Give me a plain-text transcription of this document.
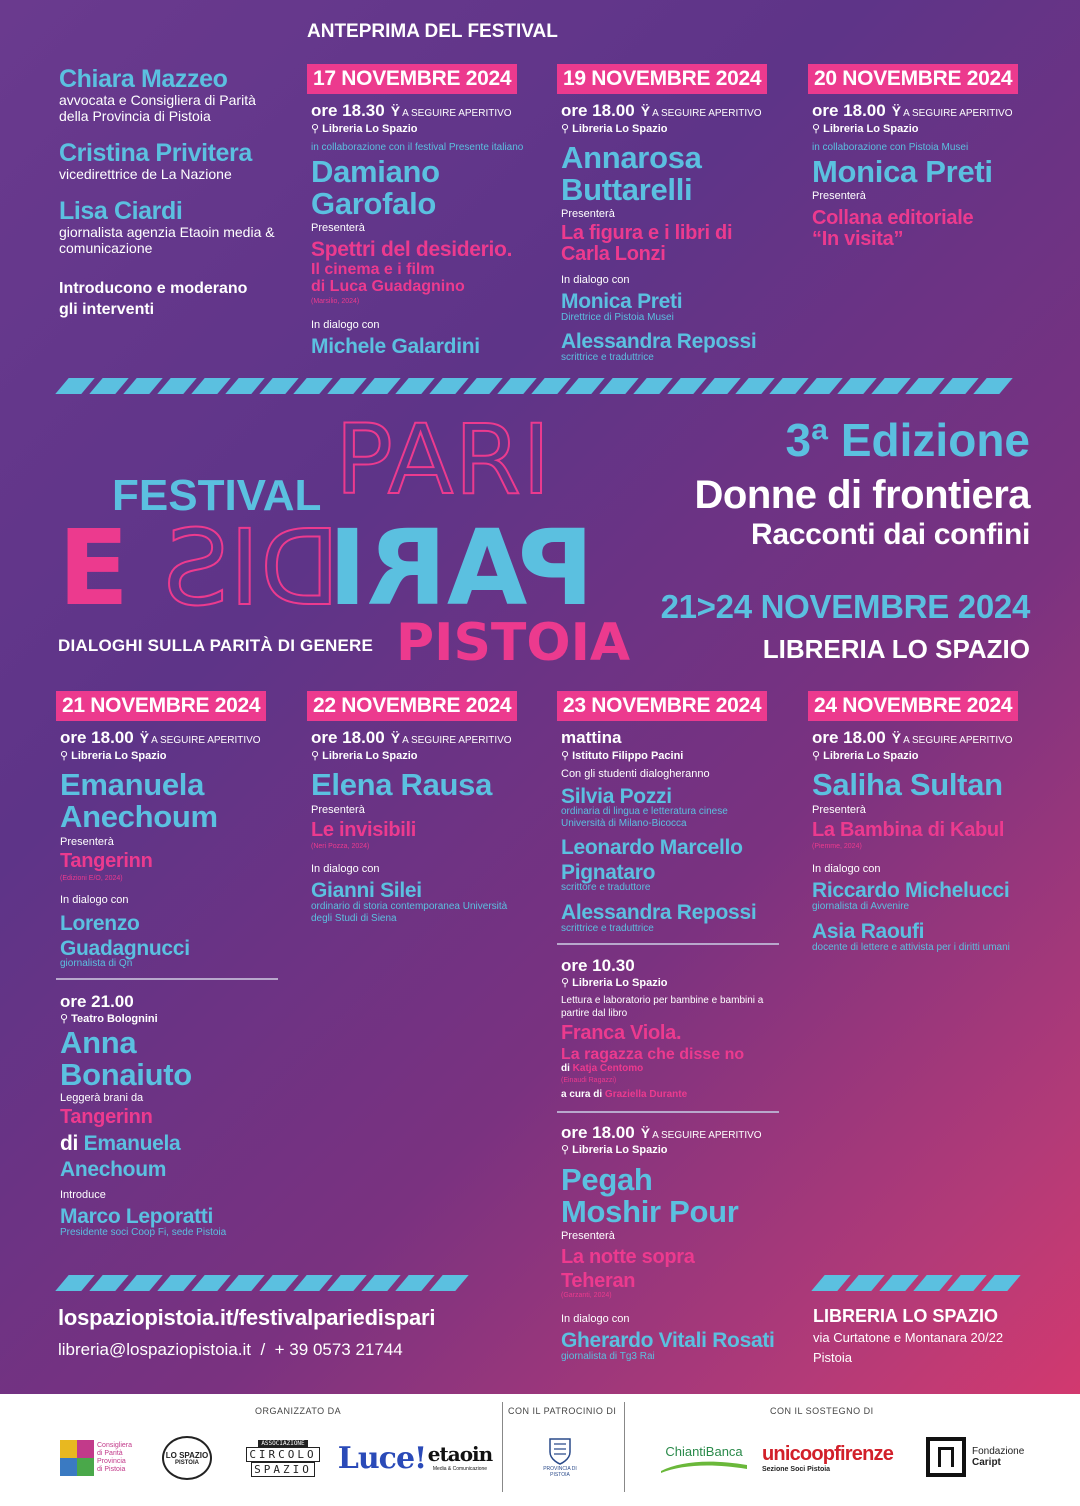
ANTEPRIMA DEL FESTIVAL
Chiara Mazzeo
avvocata e Consigliera di Parità
della Provincia di Pistoia
Cristina Privitera
vicedirettrice de La Nazione
Lisa Ciardi
giornalista agenzia Etaoin media &
comunicazione
Introducono e moderano
gli interventi
17 NOVEMBRE 2024
ore 18.30 Ÿ A SEGUIRE APERITIVO
⚲ Libreria Lo Spazio
in collaborazione con il festival Presente italiano
Damiano
Garofalo
Presenterà
Spettri del desiderio.
Il cinema e i film
di Luca Guadagnino
(Marsilio, 2024)
In dialogo con
Michele Galardini
19 NOVEMBRE 2024
ore 18.00 Ÿ A SEGUIRE APERITIVO
⚲ Libreria Lo Spazio
Annarosa
Buttarelli
Presenterà
La figura e i libri di
Carla Lonzi
In dialogo con
Monica Preti
Direttrice di Pistoia Musei
Alessandra Repossi
scrittrice e traduttrice
20 NOVEMBRE 2024
ore 18.00 Ÿ A SEGUIRE APERITIVO
⚲ Libreria Lo Spazio
in collaborazione con Pistoia Musei
Monica Preti
Presenterà
Collana editoriale
“In visita”
PARI
FESTIVAL
E DIS
PARI
PISTOIA
DIALOGHI SULLA PARITÀ DI GENERE
3ª Edizione
Donne di frontiera
Racconti dai confini
21>24 NOVEMBRE 2024
LIBRERIA LO SPAZIO
21 NOVEMBRE 2024
ore 18.00 Ÿ A SEGUIRE APERITIVO
⚲ Libreria Lo Spazio
Emanuela
Anechoum
Presenterà
Tangerinn
(Edizioni E/O, 2024)
In dialogo con
Lorenzo
Guadagnucci
giornalista di Qn
ore 21.00
⚲ Teatro Bolognini
Anna
Bonaiuto
Leggerà brani da
Tangerinn
di Emanuela
Anechoum
Introduce
Marco Leporatti
Presidente soci Coop Fi, sede Pistoia
22 NOVEMBRE 2024
ore 18.00 Ÿ A SEGUIRE APERITIVO
⚲ Libreria Lo Spazio
Elena Rausa
Presenterà
Le invisibili
(Neri Pozza, 2024)
In dialogo con
Gianni Silei
ordinario di storia contemporanea Università
degli Studi di Siena
23 NOVEMBRE 2024
mattina
⚲ Istituto Filippo Pacini
Con gli studenti dialogheranno
Silvia Pozzi
ordinaria di lingua e letteratura cinese
Università di Milano-Bicocca
Leonardo Marcello
Pignataro
scrittore e traduttore
Alessandra Repossi
scrittrice e traduttrice
ore 10.30
⚲ Libreria Lo Spazio
Lettura e laboratorio per bambine e bambini a
partire dal libro
Franca Viola.
La ragazza che disse no
di Katja Centomo
(Einaudi Ragazzi)
a cura di Graziella Durante
ore 18.00 Ÿ A SEGUIRE APERITIVO
⚲ Libreria Lo Spazio
Pegah
Moshir Pour
Presenterà
La notte sopra
Teheran
(Garzanti, 2024)
In dialogo con
Gherardo Vitali Rosati
giornalista di Tg3 Rai
24 NOVEMBRE 2024
ore 18.00 Ÿ A SEGUIRE APERITIVO
⚲ Libreria Lo Spazio
Saliha Sultan
Presenterà
La Bambina di Kabul
(Piemme, 2024)
In dialogo con
Riccardo Michelucci
giornalista di Avvenire
Asia Raoufi
docente di lettere e attivista per i diritti umani
lospaziopistoia.it/festivalpariedispari
libreria@lospaziopistoia.it / + 39 0573 21744
LIBRERIA LO SPAZIO
via Curtatone e Montanara 20/22
Pistoia
ORGANIZZATO DA	CON IL PATROCINIO DI	CON IL SOSTEGNO DI
Consigliera
di Parità
Provincia
di Pistoia
LO SPAZIO
PISTOIA
ASSOCIAZIONE
CIRCOLO
SPAZIO Luce! etaoin
Media & Comunicazione	PROVINCIA DI PISTOIA
ChiantiBanca unicoopfirenze
Sezione Soci Pistoia
Fondazione
Caript
